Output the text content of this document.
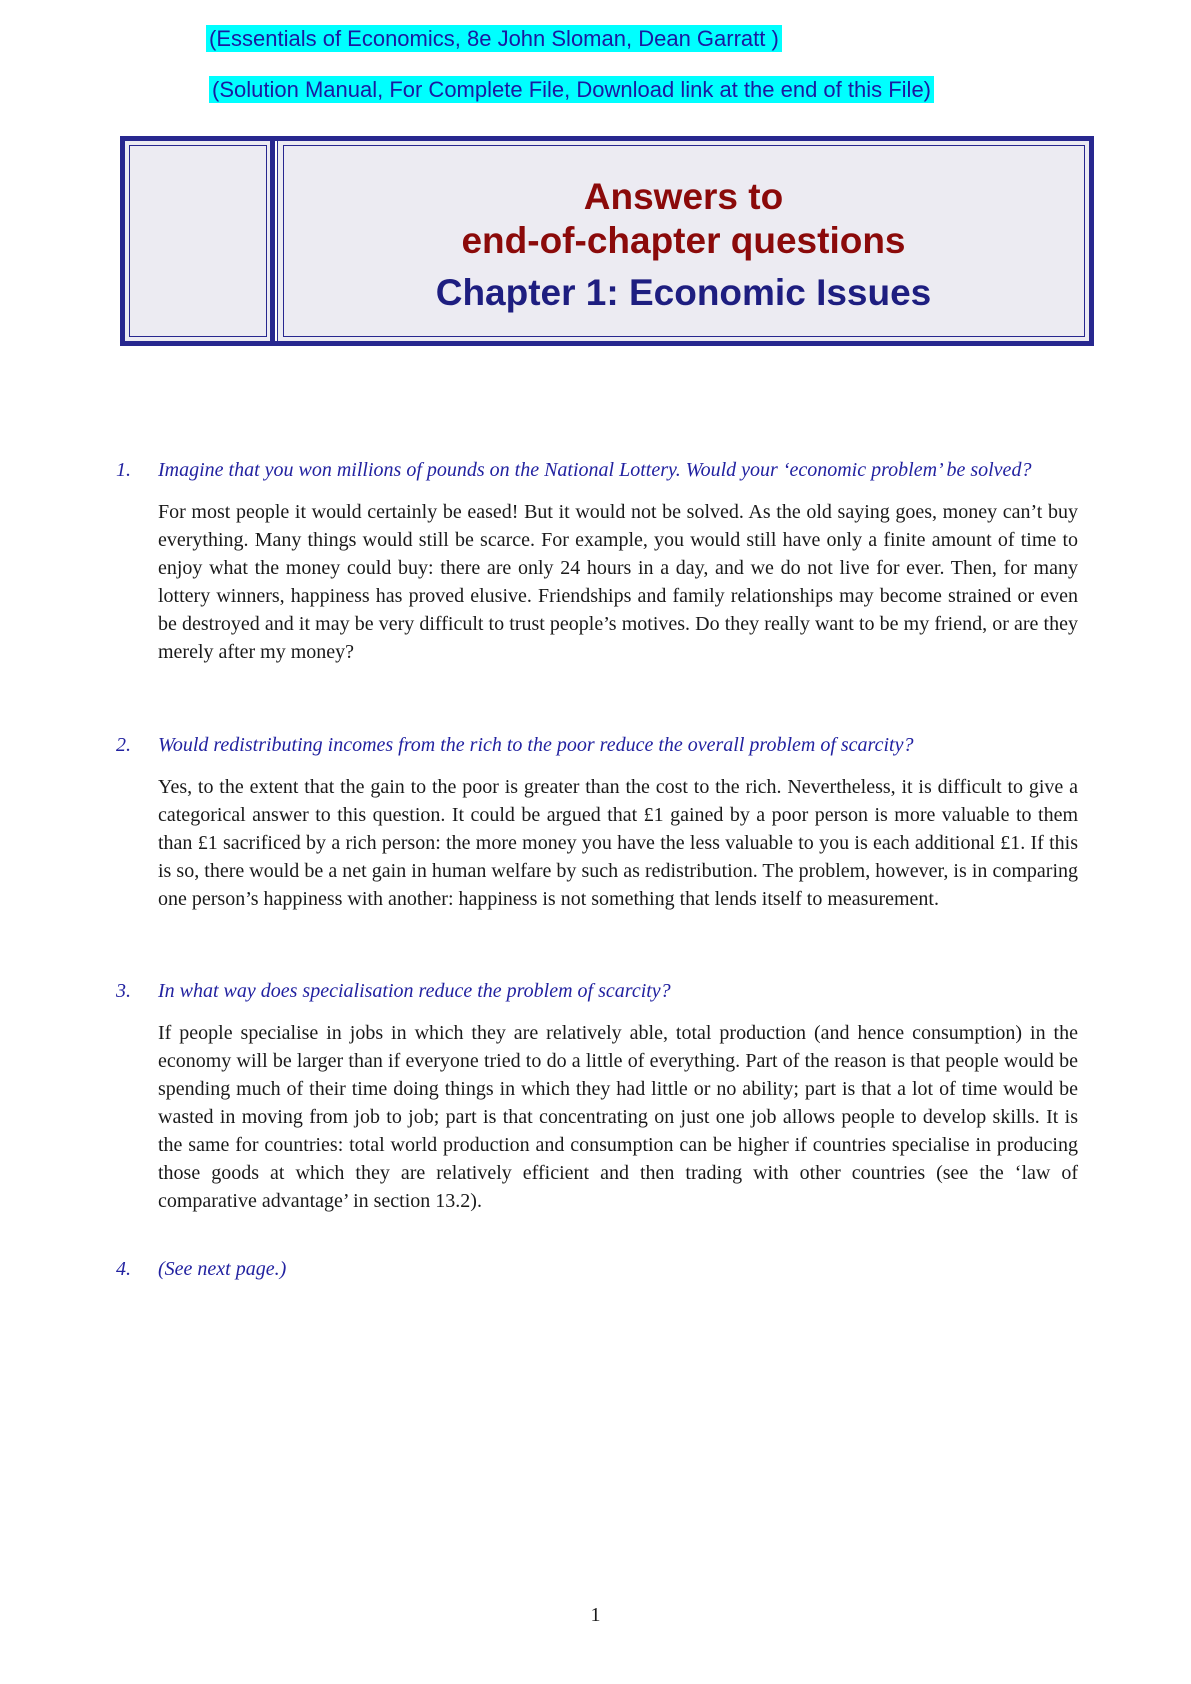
(Essentials of Economics, 8e John Sloman, Dean Garratt )
(Solution Manual, For Complete File, Download link at the end of this File)
Answers to
end-of-chapter questions
Chapter 1: Economic Issues
1. Imagine that you won millions of pounds on the National Lottery. Would your ‘economic problem’ be solved?
For most people it would certainly be eased! But it would not be solved. As the old saying goes, money can’t buy everything. Many things would still be scarce. For example, you would still have only a finite amount of time to enjoy what the money could buy: there are only 24 hours in a day, and we do not live for ever. Then, for many lottery winners, happiness has proved elusive. Friendships and family relationships may become strained or even be destroyed and it may be very difficult to trust people’s motives. Do they really want to be my friend, or are they merely after my money?
2. Would redistributing incomes from the rich to the poor reduce the overall problem of scarcity?
Yes, to the extent that the gain to the poor is greater than the cost to the rich. Nevertheless, it is difficult to give a categorical answer to this question. It could be argued that £1 gained by a poor person is more valuable to them than £1 sacrificed by a rich person: the more money you have the less valuable to you is each additional £1. If this is so, there would be a net gain in human welfare by such as redistribution. The problem, however, is in comparing one person’s happiness with another: happiness is not something that lends itself to measurement.
3. In what way does specialisation reduce the problem of scarcity?
If people specialise in jobs in which they are relatively able, total production (and hence consumption) in the economy will be larger than if everyone tried to do a little of everything. Part of the reason is that people would be spending much of their time doing things in which they had little or no ability; part is that a lot of time would be wasted in moving from job to job; part is that concentrating on just one job allows people to develop skills. It is the same for countries: total world production and consumption can be higher if countries specialise in producing those goods at which they are relatively efficient and then trading with other countries (see the ‘law of comparative advantage’ in section 13.2).
4. (See next page.)
1
